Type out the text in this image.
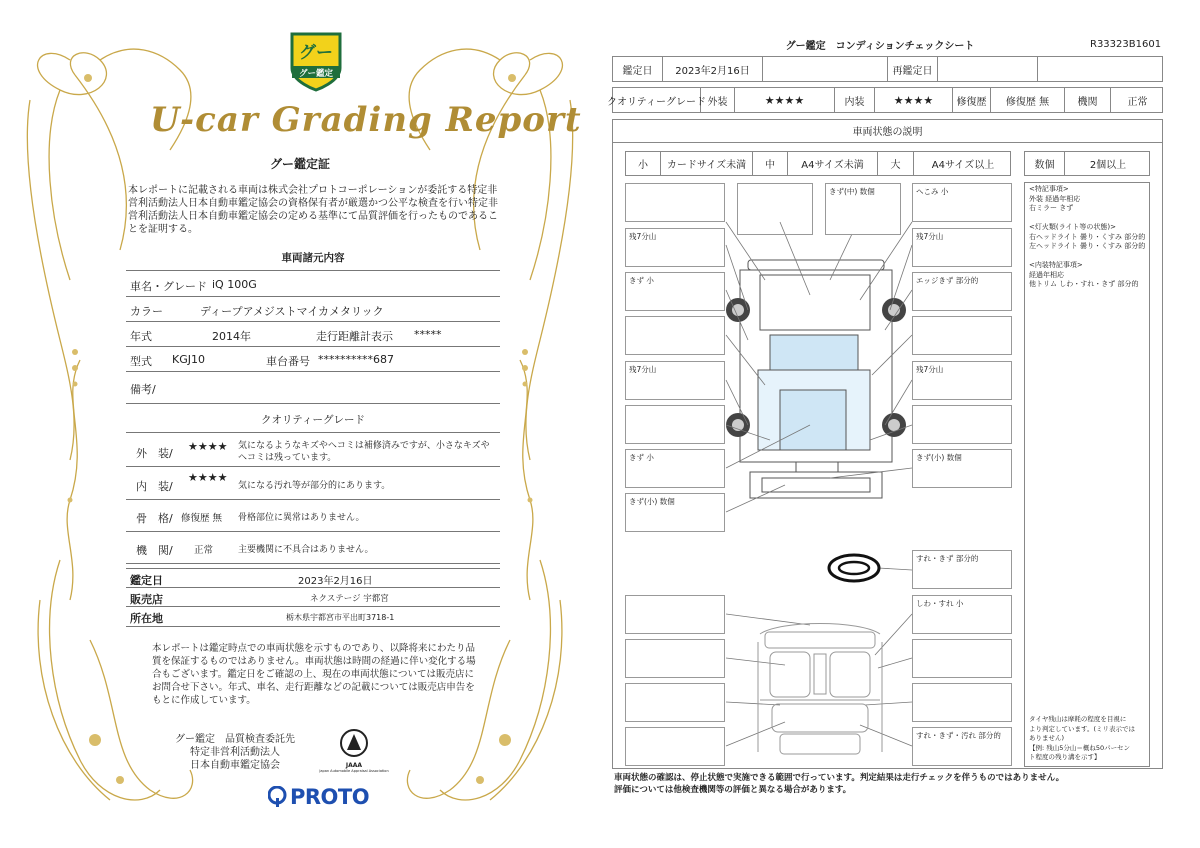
グー
グー鑑定
U-car Grading Report
グー鑑定証
本レポートに記載される車両は株式会社プロトコーポレーションが委託する特定非営利活動法人日本自動車鑑定協会の資格保有者が厳選かつ公平な検査を行い特定非営利活動法人日本自動車鑑定協会の定める基準にて品質評価を行ったものであることを証明する。
車両諸元内容
車名・グレード iQ 100G
カラー	ディープアメジストマイカメタリック
年式	2014年	走行距離計表示 *****
型式 KGJ10	車台番号 **********687
備考/
クオリティーグレード
外　装/
★★★★ 気になるようなキズやヘコミは補修済みですが、小さなキズやヘコミは残っています。
内　装/
★★★★
気になる汚れ等が部分的にあります。
骨　格/ 修復歴 無 骨格部位に異常はありません。
機　関/ 正常	主要機関に不具合はありません。
鑑定日	2023年2月16日
販売店	ネクステージ 宇都宮
所在地	栃木県宇都宮市平出町3718-1
本レポートは鑑定時点での車両状態を示すものであり、以降将来にわたり品質を保証するものではありません。車両状態は時間の経過に伴い変化する場合もございます。鑑定日をご確認の上、現在の車両状態については販売店にお問合せ下さい。年式、車名、走行距離などの記載については販売店申告をもとに作成しています。
グー鑑定　品質検査委託先
特定非営利活動法人
日本自動車鑑定協会	JAAA
Japan Automobile Appraisal Association
PROTO
グー鑑定　コンディションチェックシート	R33323B1601
鑑定日	2023年2月16日	再鑑定日
クオリティーグレード 外装	★★★★	内装	★★★★	修復歴	修復歴 無	機関	正常
車両状態の説明
小	カードサイズ未満	中	A4サイズ未満	大	A4サイズ以上	数個	2個以上
きず(中) 数個	へこみ 小
残7分山	残7分山
きず 小	エッジきず 部分的
残7分山	残7分山
きず 小	きず(小) 数個
きず(小) 数個
すれ・きず 部分的
しわ・すれ 小
すれ・きず・汚れ 部分的
<特記事項>
外装 経過年相応
右ミラー きず
<灯火類(ライト等の状態)>
右ヘッドライト 曇り・くすみ 部分的
左ヘッドライト 曇り・くすみ 部分的
<内装特記事項>
経過年相応
他トリム しわ・すれ・きず 部分的
タイヤ残山は摩耗の程度を目視に
より判定しています。(ミリ表示では
ありません)
【例: 残山5分山＝概ね50パーセン
ト程度の残り溝を示す】
車両状態の確認は、停止状態で実施できる範囲で行っています。判定結果は走行チェックを伴うものではありません。
評価については他検査機関等の評価と異なる場合があります。
